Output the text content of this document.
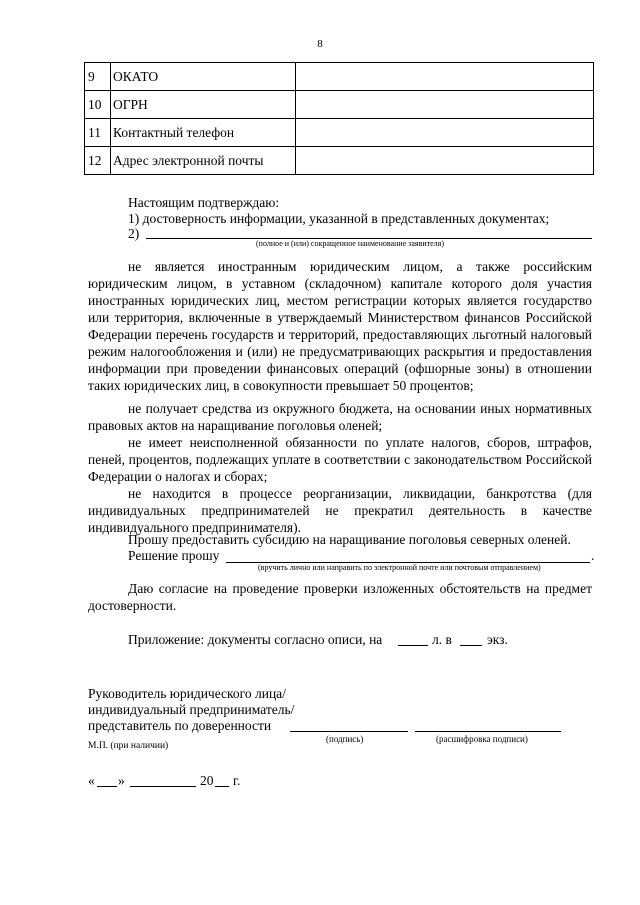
8
9	ОКАТО	
10	ОГРН	
11	Контактный телефон	
12	Адрес электронной почты	
Настоящим подтверждаю:
1) достоверность информации, указанной в представленных документах;
2)
(полное и (или) сокращенное наименование заявителя)
не является иностранным юридическим лицом, а также российским юридическим лицом, в уставном (складочном) капитале которого доля участия иностранных юридических лиц, местом регистрации которых является государство или территория, включенные в утверждаемый Министерством финансов Российской Федерации перечень государств и территорий, предоставляющих льготный налоговый режим налогообложения и (или) не предусматривающих раскрытия и предоставления информации при проведении финансовых операций (офшорные зоны) в отношении таких юридических лиц, в совокупности превышает 50 процентов;
не получает средства из окружного бюджета, на основании иных нормативных правовых актов на наращивание поголовья оленей;
не имеет неисполненной обязанности по уплате налогов, сборов, штрафов, пеней, процентов, подлежащих уплате в соответствии с законодательством Российской Федерации о налогах и сборах;
не находится в процессе реорганизации, ликвидации, банкротства (для индивидуальных предпринимателей не прекратил деятельность в качестве индивидуального предпринимателя).
Прошу предоставить субсидию на наращивание поголовья северных оленей.
Решение прошу	.
(вручить лично или направить по электронной почте или почтовым отправлением)
Даю согласие на проведение проверки изложенных обстоятельств на предмет достоверности.
Приложение: документы согласно описи, на	л. в	экз.
Руководитель юридического лица/
индивидуальный предприниматель/
представитель по доверенности
(подпись)	(расшифровка подписи)
М.П. (при наличии)
« »	20 г.
